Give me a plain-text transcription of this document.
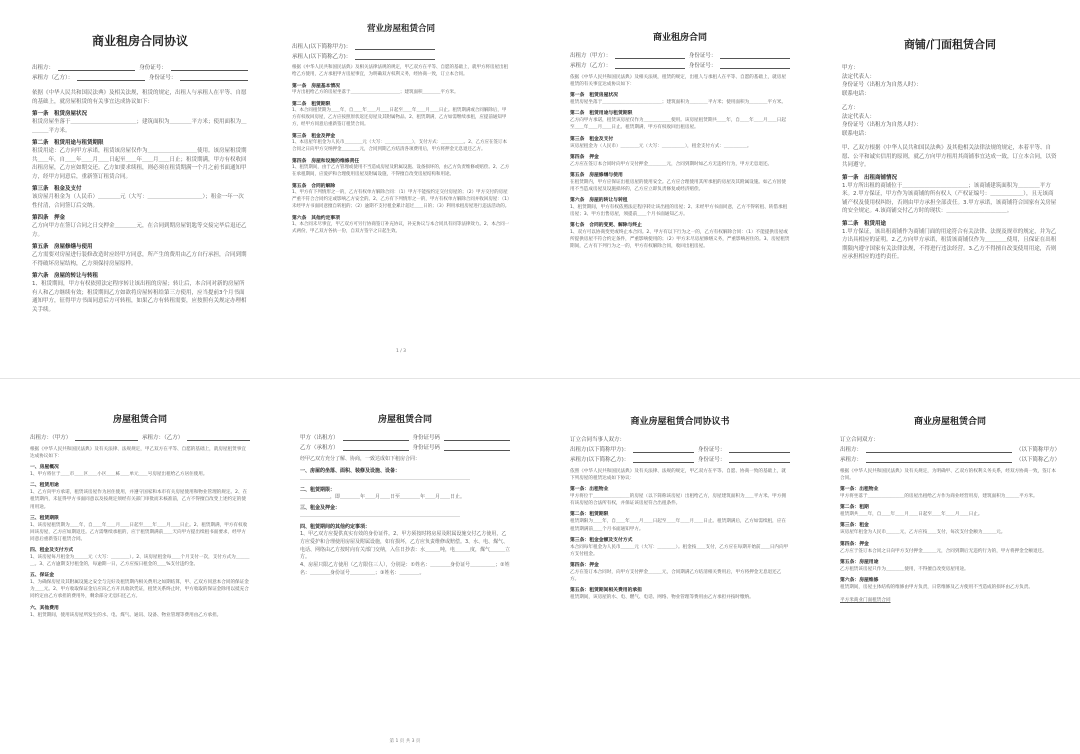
商业租房合同协议
出租方：	身份证号：
承租方（乙方）：	身份证号：
依据《中华人民共和国民法典》及相关法规，租赁的规定，出租人与承租人在平等、自愿的基础上，就房屋租赁的有关事宜达成协议如下：
第一条　租赁房屋状况
租赁房屋坐落于＿＿＿＿＿＿＿＿＿＿＿＿；建筑面积为＿＿＿＿平方米；使用面积为＿＿＿＿平方米。
第二条　租赁用途与租赁期限
租赁用途：乙方向甲方承诺，租赁该房屋仅作为＿＿＿＿＿＿＿＿＿使用。该房屋租赁期共＿＿年，自＿＿年＿＿月＿＿日起至＿＿年＿＿月＿＿日止；租赁期满，甲方有权收回出租房屋，乙方应如期交还。乙方如要求续租，则必须在租赁期满一个月之前书面通知甲方，经甲方同意后，重新签订租赁合同。
第三条　租金及支付
该房屋月租金为（人民币）＿＿＿＿元（大写：＿＿＿＿＿＿＿＿＿＿）；租金一年一次性付清，合同签订后交纳。
第四条　押金
乙方向甲方在签订合同之日交押金＿＿＿＿元，在合同到期房屋钥匙等交接完毕后退还乙方。
第五条　房屋修缮与使用
乙方需要对房屋进行装修改造时应经甲方同意，所产生的费用由乙方自行承担，合同到期不得破坏房屋结构，乙方须保持房屋原样。
第六条　房屋的转让与转租
1、租赁期间，甲方有权依照法定程序转让该出租的房屋；转让后，本合同对新的房屋所有人和乙方继续有效；租赁期间乙方如欲将房屋转租给第三方使用，应当提前3个月书面通知甲方，征得甲方书面同意后方可转租，如果乙方有转租需要，应按照有关规定办理相关手续。
营业房屋租赁合同
出租人(以下简称甲方)：
承租人(以下简称乙方)：
根据《中华人民共和国民法典》及相关法律法规的规定，甲乙双方在平等、自愿的基础上，就甲方将房屋出租给乙方使用，乙方承租甲方房屋事宜，为明确双方权利义务，经协商一致，订立本合同。
第一条　房屋基本情况
甲方出租给乙方的房屋坐落于＿＿＿＿＿＿＿＿＿＿＿；建筑面积＿＿＿＿平方米。
第二条　租赁期限
1、本合同租赁期为＿＿年，自＿＿年＿＿月＿＿日起至＿＿年＿＿月＿＿日止。租赁期满或合同解除后，甲方有权收回房屋，乙方应按照原状返还房屋及其附属物品。2、租赁期满，乙方如需继续承租，应提前通知甲方，经甲方同意后重新签订租赁合同。
第三条　租金及押金
1、本房屋年租金为人民币＿＿＿＿元（大写：＿＿＿＿＿＿），支付方式：＿＿＿＿＿。2、乙方应在签订本合同之日向甲方交纳押金＿＿＿＿元，合同到期乙方结清各项费用后，甲方将押金无息退还乙方。
第四条　房屋和设施的维修责任
1、租赁期间，由于乙方管理或使用不当造成房屋及附属设施、设备损坏的，由乙方负责维修或赔偿。2、乙方在承租期间，应爱护和合理使用房屋及附属设施，不得擅自改变房屋结构和用途。
第五条　合同的解除
1、甲方有下列情形之一的，乙方有权单方解除合同：（1）甲方不能按约定交付房屋的；（2）甲方交付的房屋严重不符合合同约定或影响乙方安全的。2、乙方有下列情形之一的，甲方有权单方解除合同并收回房屋：（1）未经甲方书面同意擅自转租的；（2）逾期不支付租金累计超过＿＿日的；（3）利用承租房屋进行违法活动的。
第六条　其他约定事项
1、本合同未尽事宜，甲乙双方可另行协商签订补充协议，补充协议与本合同具有同等法律效力。2、本合同一式两份，甲乙双方各执一份，自双方签字之日起生效。
1 / 3
商业租房合同
出租方（甲方）：	身份证号：
承租方（乙方）：	身份证号：
依据《中华人民共和国民法典》及相关法规，租赁的规定，出租人与承租人在平等、自愿的基础上，就房屋租赁的有关事宜达成协议如下：
第一条　租赁房屋状况
租赁房屋坐落于＿＿＿＿＿＿＿＿＿＿＿＿＿；建筑面积为＿＿＿＿平方米；使用面积为＿＿＿＿平方米。
第二条　租赁用途与租赁期限
乙方向甲方承诺，租赁该房屋仅作为＿＿＿＿＿＿使用。该房屋租赁期共＿＿年，自＿＿年＿＿月＿＿日起至＿＿年＿＿月＿＿日止。租赁期满，甲方有权收回出租房屋。
第三条　租金及支付
该房屋租金为（人民币）＿＿＿＿元（大写：＿＿＿＿＿），租金支付方式：＿＿＿＿＿。
第四条　押金
乙方应在签订本合同时向甲方交付押金＿＿＿＿元，合同到期时如乙方无违约行为，甲方无息退还。
第五条　房屋修缮与使用
在租赁期内，甲方应保证出租房屋的使用安全。乙方应合理使用其所承租的房屋及其附属设施。如乙方因使用不当造成房屋及设施损坏的，乙方应立即负责修复或经济赔偿。
第六条　房屋的转让与转租
1、租赁期间，甲方有权依照法定程序转让该出租的房屋；2、未经甲方书面同意，乙方不得转租、转借承租房屋；3、甲方出售房屋，须提前＿＿个月书面通知乙方。
第七条　合同的变更、解除与终止
1、双方可以协商变更或终止本合同。2、甲方有以下行为之一的，乙方有权解除合同：（1）不能提供房屋或所提供房屋不符合约定条件，严重影响使用的；（2）甲方未尽房屋修缮义务，严重影响居住的。3、房屋租赁期间，乙方有下列行为之一的，甲方有权解除合同，收回出租房屋。
商铺/门面租赁合同
甲方：
法定代表人：
身份证号（出租方为自然人时）：
联系电话：
乙方：
法定代表人：
身份证号（出租方为自然人时）：
联系电话：
甲、乙双方根据《中华人民共和国民法典》及其他相关法律法规的规定，本着平等、自愿、公平和诚实信用的原则，就乙方向甲方租用其商铺事宜达成一致，订立本合同，以资共同遵守。
第一条　出租商铺情况
1.甲方所出租的商铺位于＿＿＿＿＿＿＿＿＿＿＿＿；该商铺建筑面积为＿＿＿＿平方米。2.甲方保证，甲方作为该商铺的所有权人（产权证编号：＿＿＿＿＿＿），且无该商铺产权及使用权纠纷，否则由甲方承担全部责任。3.甲方承诺，该商铺符合国家有关房屋的安全规定。4.该商铺交付乙方时的现状：＿＿＿＿＿＿＿＿＿＿＿。
第二条　租赁用途
1.甲方保证，该出租商铺作为商铺门面的用途符合有关法律、法规及规章的规定，并为乙方出具相应的证明。2.乙方向甲方承诺，租赁该商铺仅作为＿＿＿＿使用，且保证在出租期限内遵守国家有关法律法规，不得进行违法经营。3.乙方不得擅自改变使用用途，否则应承担相应的违约责任。
房屋租赁合同
出租方：（甲方）	承租方：（乙方）
根据《中华人民共和国民法典》及有关法律、法规规定，甲乙双方在平等、自愿的基础上，就房屋租赁事宜达成协议如下：
一、房屋概况
1、甲方将位于＿＿市＿＿区＿＿小区＿＿栋＿＿单元＿＿号房屋出租给乙方居住使用。
二、租赁用途
1、乙方向甲方承诺，租赁该房屋作为居住使用，并遵守国家和本市有关房屋使用和物业管理的规定。2、在租赁期内，未征得甲方书面同意以及按规定须经有关部门审批而未核准前，乙方不得擅自改变上述约定的使用用途。
三、租赁期限
1、该房屋租赁期为＿＿年，自＿＿年＿＿月＿＿日起至＿＿年＿＿月＿＿日止。2、租赁期满，甲方有权收回该房屋，乙方应如期返还。乙方需继续承租的，应于租赁期满前＿＿天向甲方提出续租书面要求，经甲方同意后重新签订租赁合同。
四、租金及支付方式
1、该房屋每月租金为＿＿＿元（大写：＿＿＿＿）。2、该房屋租金每＿＿个月支付一次，支付方式为＿＿＿＿。3、乙方逾期支付租金的，每逾期一日，乙方应按日租金的＿＿%支付违约金。
五、保证金
1、为确保房屋及其附属设施之安全与完好及租赁期内相关费用之如期结算，甲、乙双方同意本合同的保证金为＿＿元。2、甲方收取保证金后应向乙方开具收款凭证，租赁关系终止时，甲方收取的保证金除用以抵充合同约定由乙方承担的费用外，剩余部分无息归还乙方。
六、其他费用
1、租赁期间，使用该房屋所发生的水、电、煤气、通讯、设备、物业管理等费用由乙方承担。
房屋租赁合同
甲方（出租方）	身份证号码
乙方（承租方）	身份证号码
经甲乙双方充分了解、协商，一致达成如下租房合同：
一、房屋的坐落、面积、装修及设施、设备：
＿＿＿＿＿＿＿＿＿＿＿＿＿＿＿＿＿＿＿＿＿＿＿＿＿＿＿＿＿＿＿＿＿＿
二、租赁期限：
＿＿＿＿＿＿，即＿＿＿＿年＿＿月＿＿日至＿＿＿＿年＿＿月＿＿日止。
三、租金及押金：
＿＿＿＿＿＿＿＿＿＿＿＿＿＿＿＿＿＿＿＿＿＿＿＿＿＿＿＿＿＿＿＿
四、租赁期间的其他约定事项：
1、甲乙双方应提供真实有效的身份证件。2、甲方须按时将房屋及附属设施交付乙方使用，乙方应爱护和合理使用房屋及附属设施，如有损坏，乙方应负责维修或赔偿。3、水、电、煤气、电话、网络由乙方按时向有关部门交纳，入住日抄表：水＿＿＿吨，电＿＿＿度，煤气＿＿＿立方。
4、房屋只限乙方使用（乙方限住三人），分别是：①姓名：＿＿＿＿身份证号＿＿＿＿＿；②姓名：＿＿＿＿身份证号＿＿＿＿＿；③姓名：＿＿＿＿。
第 1 页 共 3 页
商业房屋租赁合同协议书
订立合同当事人双方：
出租方(以下简称甲方)：	身份证号：
承租方(以下简称乙方)：	身份证号：
依照《中华人民共和国民法典》及有关法律、法规的规定，甲乙双方在平等、自愿、协商一致的基础上，就下列房屋的租赁达成如下协议：
第一条：出租物业
甲方将位于＿＿＿＿＿＿＿＿的房屋（以下简称该房屋）出租给乙方，房屋建筑面积为＿＿平方米。甲方拥有该房屋的合法所有权，并保证该房屋符合出租条件。
第二条：租赁期限
租赁期限为＿＿年，自＿＿年＿＿月＿＿日起至＿＿年＿＿月＿＿日止。租赁期满后，乙方如需续租，应在租赁期满前＿＿个月书面通知甲方。
第三条：租金金额及支付方式
本合同每年租金为人民币＿＿＿元（大写：＿＿＿＿）。租金按＿＿支付，乙方应在每期开始前＿＿日内向甲方支付租金。
第四条：押金
乙方在签订本合同时，向甲方支付押金＿＿＿元，合同期满乙方结清相关费用后，甲方将押金无息退还乙方。
第五条：租赁期间相关费用的承担
租赁期间，该房屋的水、电、燃气、电话、网络、物业管理等费用由乙方承担并按时缴纳。
商业房屋租赁合同
订立合同双方：
出租方：	（以下简称甲方）
承租方：	（以下简称乙方）
根据《中华人民共和国民法典》及有关规定，为明确甲、乙双方的权利义务关系，经双方协商一致，签订本合同。
第一条：出租物业
甲方将坐落于＿＿＿＿＿＿＿＿的房屋出租给乙方作为商业经营用房，建筑面积为＿＿＿平方米。
第二条：租期
租赁期共＿＿年，自＿＿年＿＿月＿＿日起至＿＿年＿＿月＿＿日止。
第三条：租金
该房屋年租金为人民币＿＿＿元，乙方应按＿＿支付，每次支付金额为＿＿＿元。
第四条：押金
乙方应于签订本合同之日向甲方支付押金＿＿＿元，合同到期后无违约行为的，甲方将押金全额退还。
第五条：房屋用途
乙方租赁该房屋只作为＿＿＿＿使用，不得擅自改变房屋用途。
第六条：房屋维修
租赁期间，房屋主体结构的维修由甲方负责，日常维修及乙方使用不当造成的损坏由乙方负责。
平方米商业门面租赁合同
